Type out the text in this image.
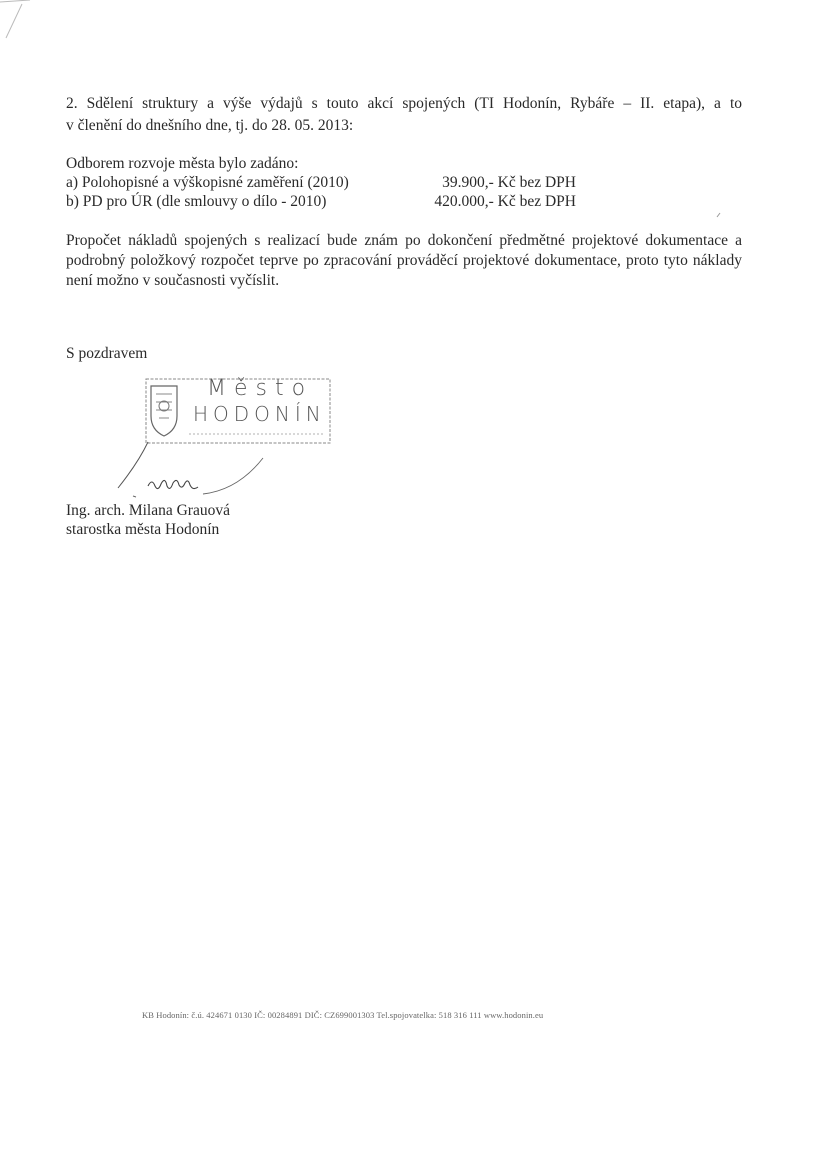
2. Sdělení struktury a výše výdajů s touto akcí spojených (TI Hodonín, Rybáře – II. etapa), a to
v členění do dnešního dne, tj. do 28. 05. 2013:
Odborem rozvoje města bylo zadáno:
a) Polohopisné a výškopisné zaměření (2010)	39.900,- Kč bez DPH
b) PD pro ÚR (dle smlouvy o dílo - 2010)	420.000,- Kč bez DPH
Propočet nákladů spojených s realizací bude znám po dokončení předmětné projektové dokumentace a podrobný položkový rozpočet teprve po zpracování prováděcí projektové dokumentace, proto tyto náklady není možno v současnosti vyčíslit.
S pozdravem
Město
HODONÍN
Ing. arch. Milana Grauová
starostka města Hodonín
KB Hodonín: č.ú. 424671 0130 IČ: 00284891 DIČ: CZ699001303 Tel.spojovatelka: 518 316 111 www.hodonin.eu
